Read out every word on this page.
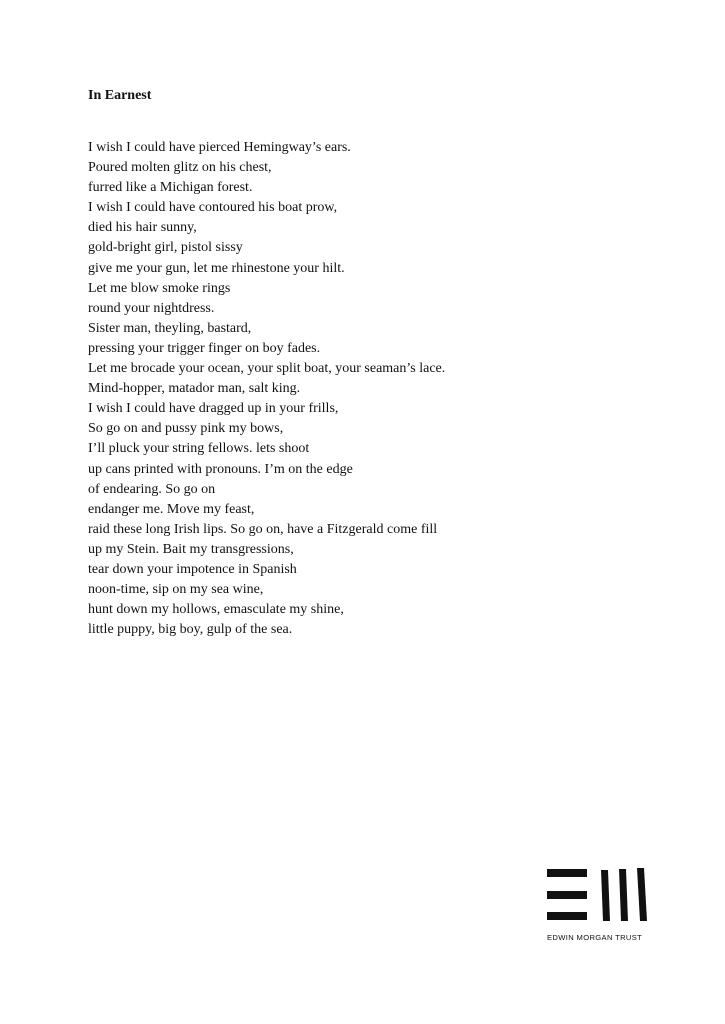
In Earnest
I wish I could have pierced Hemingway’s ears.
Poured molten glitz on his chest,
furred like a Michigan forest.
I wish I could have contoured his boat prow,
died his hair sunny,
gold-bright girl, pistol sissy
give me your gun, let me rhinestone your hilt.
Let me blow smoke rings
round your nightdress.
Sister man, theyling, bastard,
pressing your trigger finger on boy fades.
Let me brocade your ocean, your split boat, your seaman’s lace.
Mind-hopper, matador man, salt king.
I wish I could have dragged up in your frills,
So go on and pussy pink my bows,
I’ll pluck your string fellows. lets shoot
up cans printed with pronouns. I’m on the edge
of endearing. So go on
endanger me. Move my feast,
raid these long Irish lips. So go on, have a Fitzgerald come fill
up my Stein. Bait my transgressions,
tear down your impotence in Spanish
noon-time, sip on my sea wine,
hunt down my hollows, emasculate my shine,
little puppy, big boy, gulp of the sea.
EDWIN MORGAN TRUST
